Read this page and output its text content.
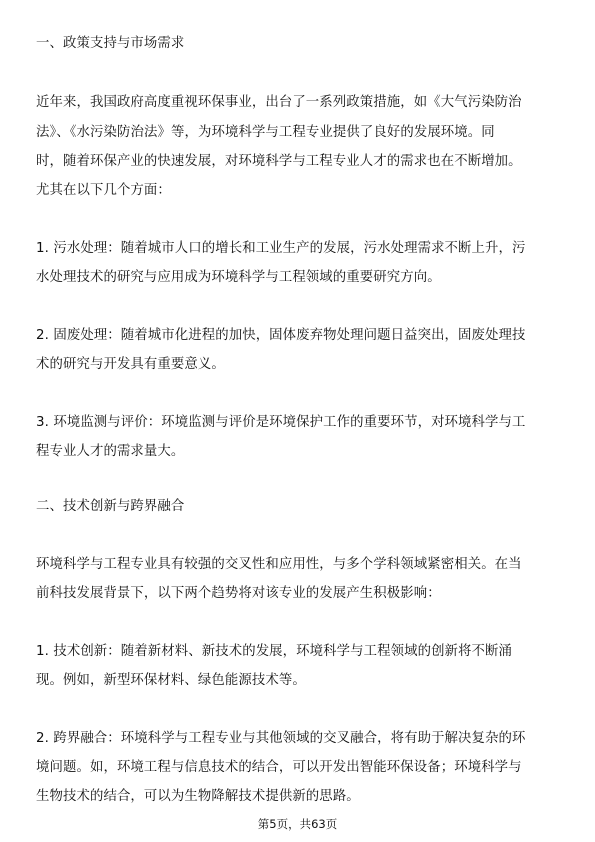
一、政策支持与市场需求
近年来，我国政府高度重视环保事业，出台了一系列政策措施，如《大气污染防治
法》、《水污染防治法》等，为环境科学与工程专业提供了良好的发展环境。同
时，随着环保产业的快速发展，对环境科学与工程专业人才的需求也在不断增加。
尤其在以下几个方面：
1. 污水处理：随着城市人口的增长和工业生产的发展，污水处理需求不断上升，污
水处理技术的研究与应用成为环境科学与工程领域的重要研究方向。
2. 固废处理：随着城市化进程的加快，固体废弃物处理问题日益突出，固废处理技
术的研究与开发具有重要意义。
3. 环境监测与评价：环境监测与评价是环境保护工作的重要环节，对环境科学与工
程专业人才的需求量大。
二、技术创新与跨界融合
环境科学与工程专业具有较强的交叉性和应用性，与多个学科领域紧密相关。在当
前科技发展背景下，以下两个趋势将对该专业的发展产生积极影响：
1. 技术创新：随着新材料、新技术的发展，环境科学与工程领域的创新将不断涌
现。例如，新型环保材料、绿色能源技术等。
2. 跨界融合：环境科学与工程专业与其他领域的交叉融合，将有助于解决复杂的环
境问题。如，环境工程与信息技术的结合，可以开发出智能环保设备；环境科学与
生物技术的结合，可以为生物降解技术提供新的思路。
第5页，共63页
